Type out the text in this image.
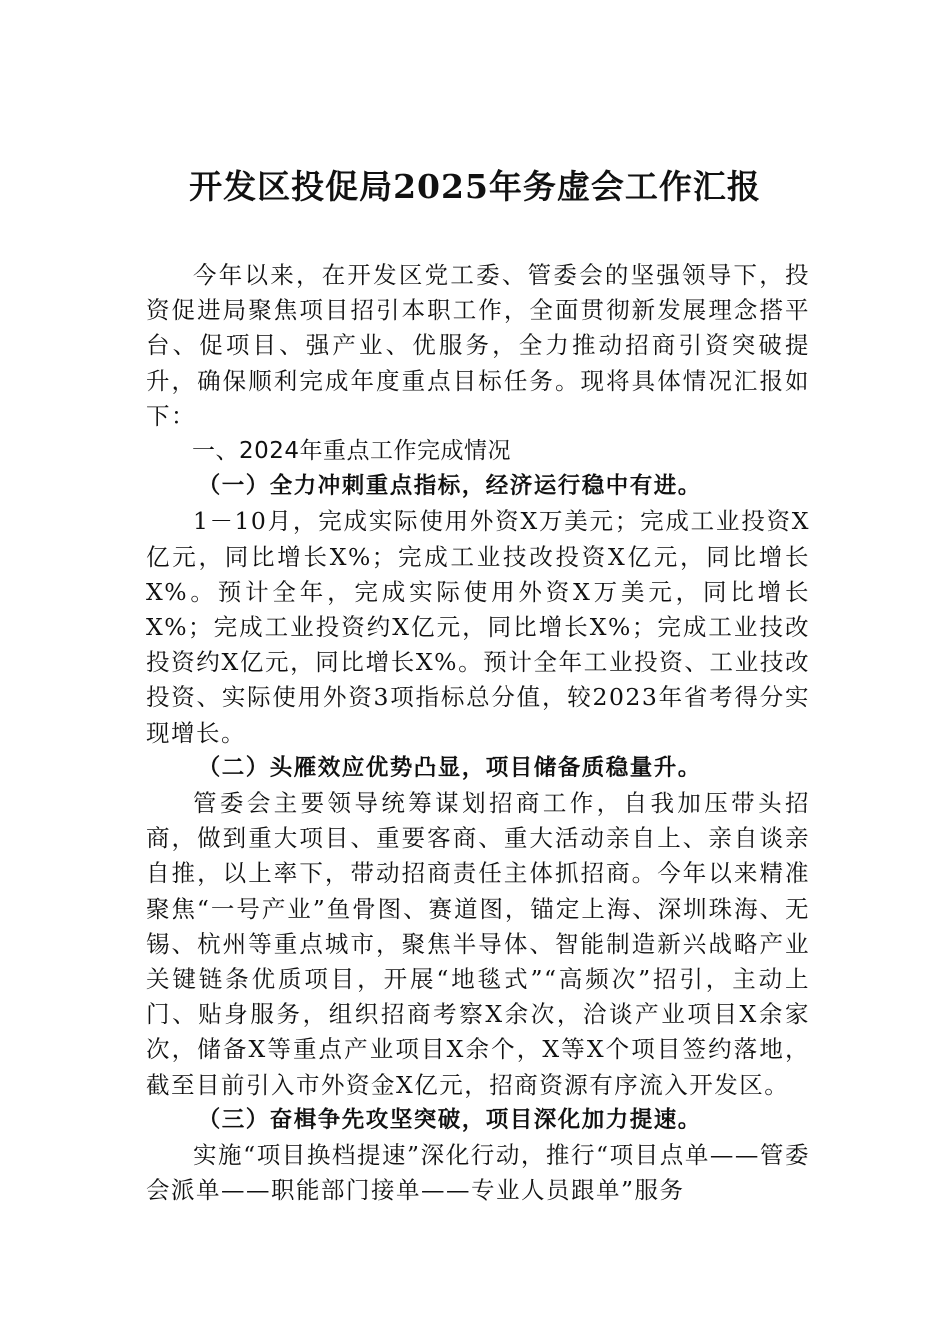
开发区投促局2025年务虚会工作汇报

今年以来，在开发区党工委、管委会的坚强领导下，投资促进局聚焦项目招引本职工作，全面贯彻新发展理念搭平台、促项目、强产业、优服务，全力推动招商引资突破提升，确保顺利完成年度重点目标任务。现将具体情况汇报如下：

一、2024年重点工作完成情况
（一）全力冲刺重点指标，经济运行稳中有进。

1－10月，完成实际使用外资X万美元；完成工业投资X亿元，同比增长X%；完成工业技改投资X亿元，同比增长X%。预计全年，完成实际使用外资X万美元，同比增长X%；完成工业投资约X亿元，同比增长X%；完成工业技改投资约X亿元，同比增长X%。预计全年工业投资、工业技改投资、实际使用外资3项指标总分值，较2023年省考得分实现增长。

（二）头雁效应优势凸显，项目储备质稳量升。

管委会主要领导统筹谋划招商工作，自我加压带头招商，做到重大项目、重要客商、重大活动亲自上、亲自谈亲自推，以上率下，带动招商责任主体抓招商。今年以来精准聚焦“一号产业”鱼骨图、赛道图，锚定上海、深圳珠海、无锡、杭州等重点城市，聚焦半导体、智能制造新兴战略产业关键链条优质项目，开展“地毯式”“高频次”招引，主动上门、贴身服务，组织招商考察X余次，洽谈产业项目X余家次，储备X等重点产业项目X余个，X等X个项目签约落地，截至目前引入市外资金X亿元，招商资源有序流入开发区。

（三）奋楫争先攻坚突破，项目深化加力提速。

实施“项目换档提速”深化行动，推行“项目点单——管委会派单——职能部门接单——专业人员跟单”服务
